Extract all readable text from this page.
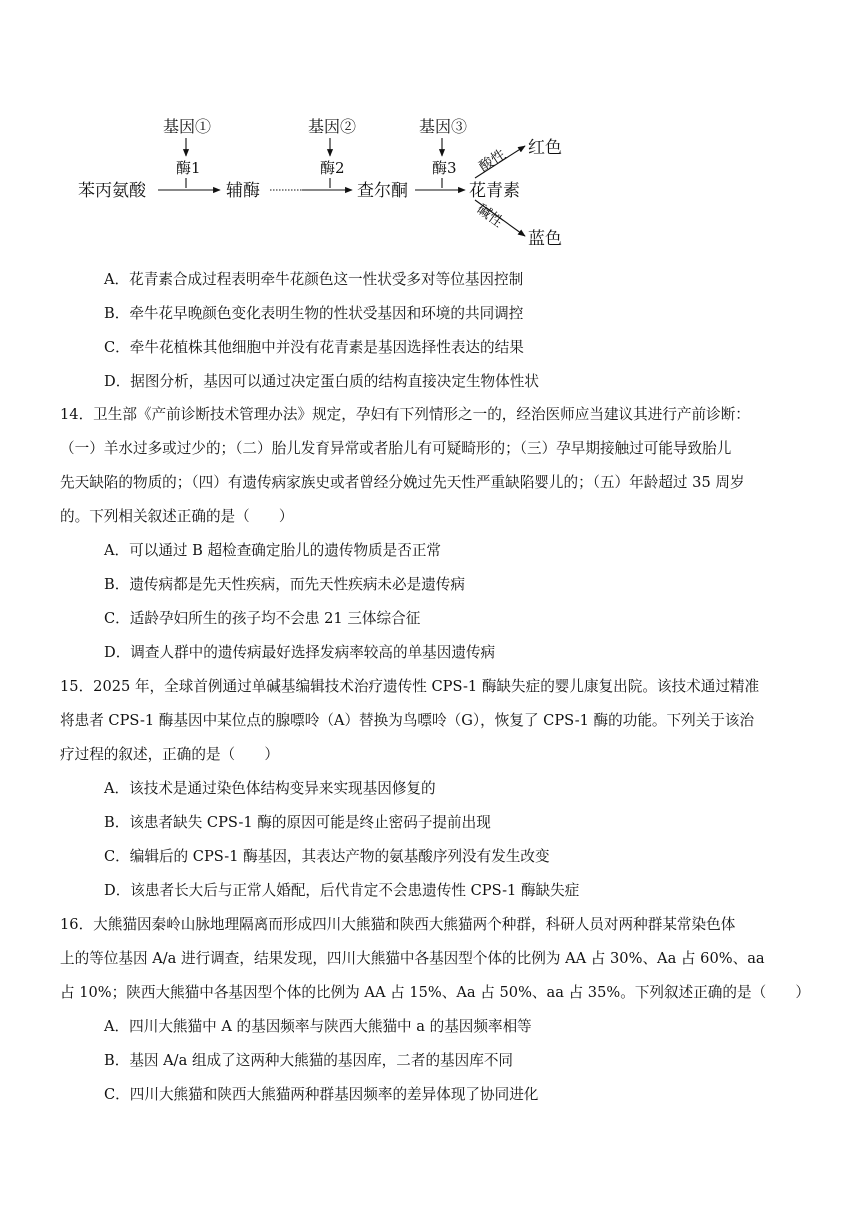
基因①	基因②	基因③
酶1	酶2	酶3
苯丙氨酸	辅酶	查尔酮	花青素
酸性
碱性
红色
蓝色
A．花青素合成过程表明牵牛花颜色这一性状受多对等位基因控制
B．牵牛花早晚颜色变化表明生物的性状受基因和环境的共同调控
C．牵牛花植株其他细胞中并没有花青素是基因选择性表达的结果
D．据图分析，基因可以通过决定蛋白质的结构直接决定生物体性状
14．卫生部《产前诊断技术管理办法》规定，孕妇有下列情形之一的，经治医师应当建议其进行产前诊断：
（一）羊水过多或过少的；（二）胎儿发育异常或者胎儿有可疑畸形的；（三）孕早期接触过可能导致胎儿
先天缺陷的物质的；（四）有遗传病家族史或者曾经分娩过先天性严重缺陷婴儿的；（五）年龄超过 35 周岁
的。下列相关叙述正确的是（　　）
A．可以通过 B 超检查确定胎儿的遗传物质是否正常
B．遗传病都是先天性疾病，而先天性疾病未必是遗传病
C．适龄孕妇所生的孩子均不会患 21 三体综合征
D．调查人群中的遗传病最好选择发病率较高的单基因遗传病
15．2025 年，全球首例通过单碱基编辑技术治疗遗传性 CPS-1 酶缺失症的婴儿康复出院。该技术通过精准
将患者 CPS-1 酶基因中某位点的腺嘌呤（A）替换为鸟嘌呤（G），恢复了 CPS-1 酶的功能。下列关于该治
疗过程的叙述，正确的是（　　）
A．该技术是通过染色体结构变异来实现基因修复的
B．该患者缺失 CPS-1 酶的原因可能是终止密码子提前出现
C．编辑后的 CPS-1 酶基因，其表达产物的氨基酸序列没有发生改变
D．该患者长大后与正常人婚配，后代肯定不会患遗传性 CPS-1 酶缺失症
16．大熊猫因秦岭山脉地理隔离而形成四川大熊猫和陕西大熊猫两个种群，科研人员对两种群某常染色体
上的等位基因 A/a 进行调查，结果发现，四川大熊猫中各基因型个体的比例为 AA 占 30%、Aa 占 60%、aa
占 10%；陕西大熊猫中各基因型个体的比例为 AA 占 15%、Aa 占 50%、aa 占 35%。下列叙述正确的是（　　）
A．四川大熊猫中 A 的基因频率与陕西大熊猫中 a 的基因频率相等
B．基因 A/a 组成了这两种大熊猫的基因库，二者的基因库不同
C．四川大熊猫和陕西大熊猫两种群基因频率的差异体现了协同进化
